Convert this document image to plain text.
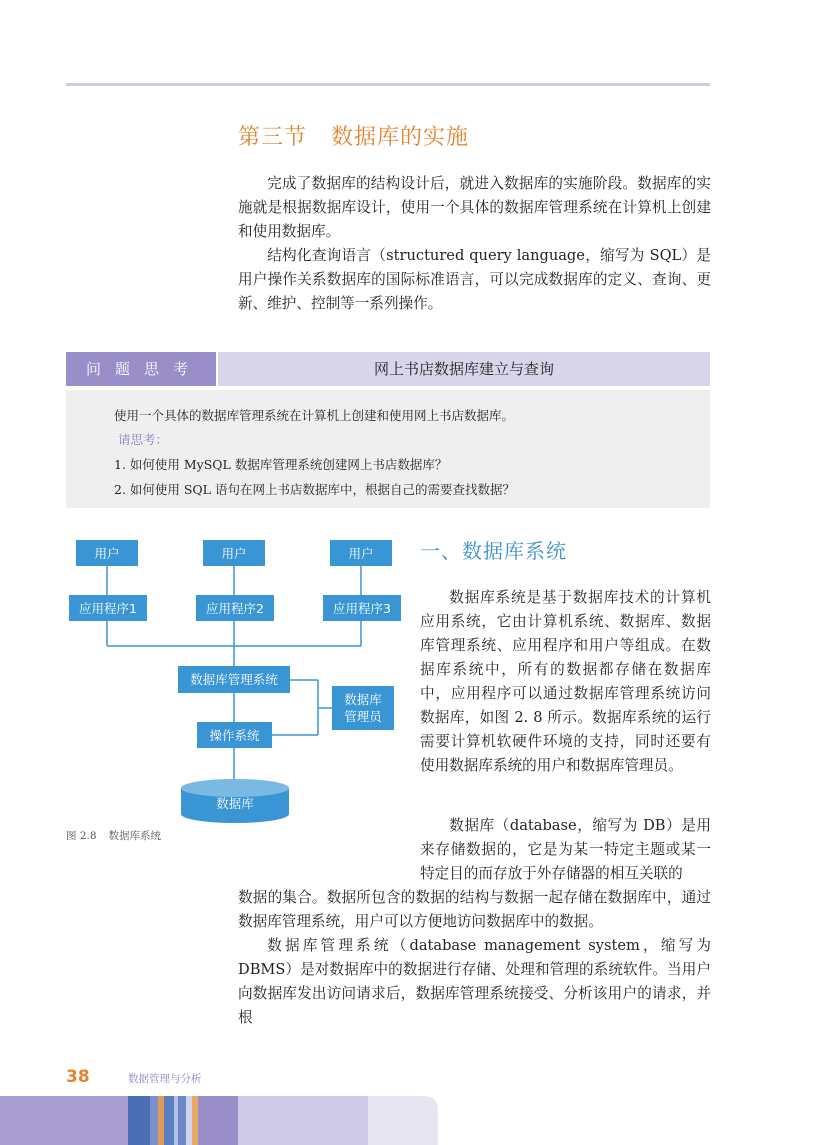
第三节 数据库的实施

完成了数据库的结构设计后，就进入数据库的实施阶段。数据库的实施就是根据数据库设计，使用一个具体的数据库管理系统在计算机上创建和使用数据库。

结构化查询语言（structured query language，缩写为 SQL）是用户操作关系数据库的国际标准语言，可以完成数据库的定义、查询、更新、维护、控制等一系列操作。

问题思考	网上书店数据库建立与查询

使用一个具体的数据库管理系统在计算机上创建和使用网上书店数据库。

请思考：

1. 如何使用 MySQL 数据库管理系统创建网上书店数据库？
2. 如何使用 SQL 语句在网上书店数据库中，根据自己的需要查找数据？
用户	用户	用户
应用程序1	应用程序2	应用程序3
数据库管理系统
数据库管理员
操作系统
数据库

图 2.8 数据库系统

一、数据库系统

数据库系统是基于数据库技术的计算机应用系统，它由计算机系统、数据库、数据库管理系统、应用程序和用户等组成。在数据库系统中，所有的数据都存储在数据库中，应用程序可以通过数据库管理系统访问数据库，如图 2. 8 所示。数据库系统的运行需要计算机软硬件环境的支持，同时还要有使用数据库系统的用户和数据库管理员。

数据库（database，缩写为 DB）是用来存储数据的，它是为某一特定主题或某一特定目的而存放于外存储器的相互关联的

数据的集合。数据所包含的数据的结构与数据一起存储在数据库中，通过数据库管理系统，用户可以方便地访问数据库中的数据。

数据库管理系统（database management system，缩写为 DBMS）是对数据库中的数据进行存储、处理和管理的系统软件。当用户向数据库发出访问请求后，数据库管理系统接受、分析该用户的请求，并根

38	数据管理与分析
